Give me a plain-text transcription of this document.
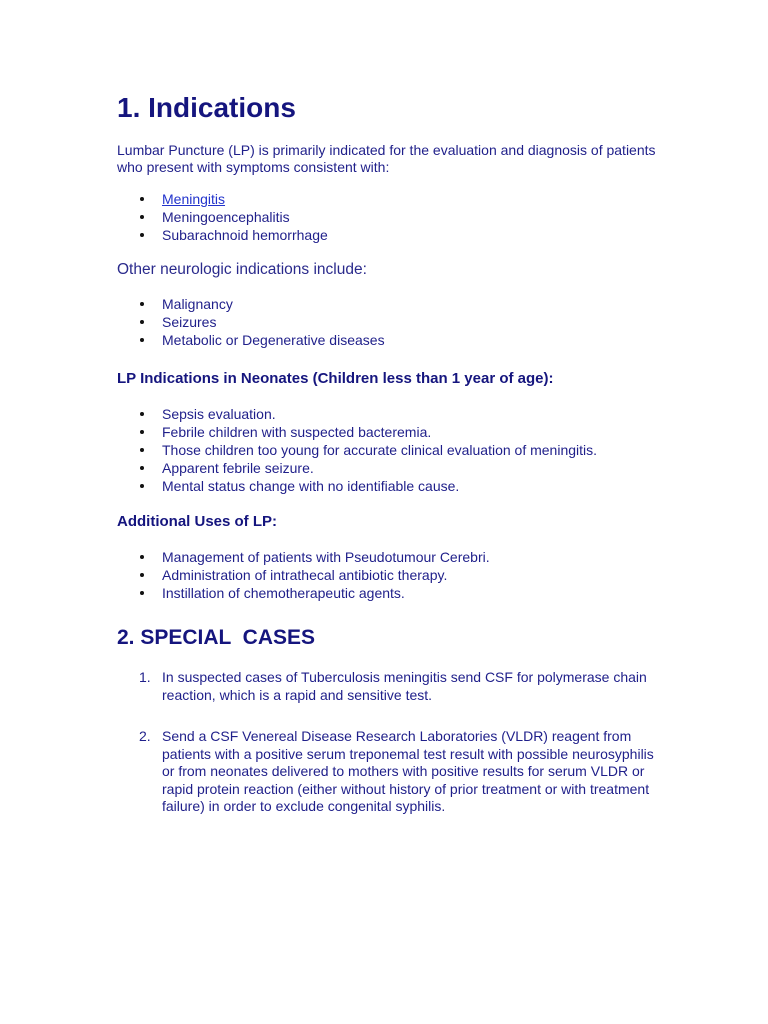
1. Indications

Lumbar Puncture (LP) is primarily indicated for the evaluation and diagnosis of patients who present with symptoms consistent with:

Meningitis
Meningoencephalitis
Subarachnoid hemorrhage

Other neurologic indications include:

Malignancy
Seizures
Metabolic or Degenerative diseases
LP Indications in Neonates (Children less than 1 year of age):
Sepsis evaluation.
Febrile children with suspected bacteremia.
Those children too young for accurate clinical evaluation of meningitis.
Apparent febrile seizure.
Mental status change with no identifiable cause.
Additional Uses of LP:
Management of patients with Pseudotumour Cerebri.
Administration of intrathecal antibiotic therapy.
Instillation of chemotherapeutic agents.
2. SPECIAL  CASES
1. In suspected cases of Tuberculosis meningitis send CSF for polymerase chain reaction, which is a rapid and sensitive test.
2. Send a CSF Venereal Disease Research Laboratories (VLDR) reagent from patients with a positive serum treponemal test result with possible neurosyphilis or from neonates delivered to mothers with positive results for serum VLDR or rapid protein reaction (either without history of prior treatment or with treatment failure) in order to exclude congenital syphilis.
